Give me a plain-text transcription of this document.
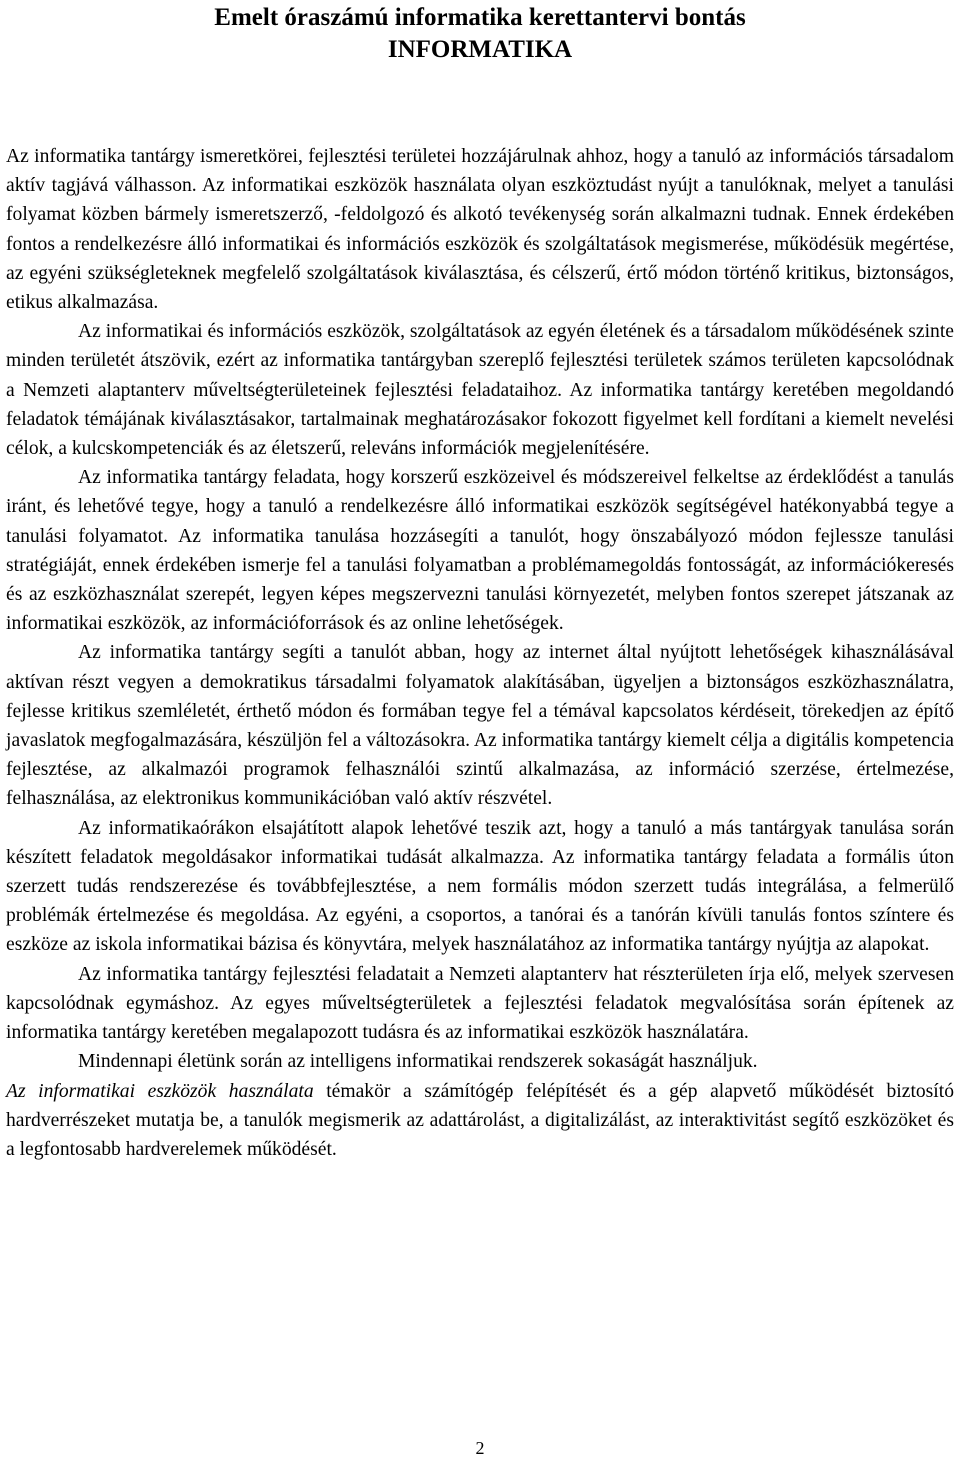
Emelt óraszámú informatika kerettantervi bontás
INFORMATIKA

Az informatika tantárgy ismeretkörei, fejlesztési területei hozzájárulnak ahhoz, hogy a tanuló az információs társadalom aktív tagjává válhasson. Az informatikai eszközök használata olyan eszköztudást nyújt a tanulóknak, melyet a tanulási folyamat közben bármely ismeretszerző, -feldolgozó és alkotó tevékenység során alkalmazni tudnak. Ennek érdekében fontos a rendelkezésre álló informatikai és információs eszközök és szolgáltatások megismerése, működésük megértése, az egyéni szükségleteknek megfelelő szolgáltatások kiválasztása, és célszerű, értő módon történő kritikus, biztonságos, etikus alkalmazása.

Az informatikai és információs eszközök, szolgáltatások az egyén életének és a társadalom működésének szinte minden területét átszövik, ezért az informatika tantárgyban szereplő fejlesztési területek számos területen kapcsolódnak a Nemzeti alaptanterv műveltségterületeinek fejlesztési feladataihoz. Az informatika tantárgy keretében megoldandó feladatok témájának kiválasztásakor, tartalmainak meghatározásakor fokozott figyelmet kell fordítani a kiemelt nevelési célok, a kulcskompetenciák és az életszerű, releváns információk megjelenítésére.

Az informatika tantárgy feladata, hogy korszerű eszközeivel és módszereivel felkeltse az érdeklődést a tanulás iránt, és lehetővé tegye, hogy a tanuló a rendelkezésre álló informatikai eszközök segítségével hatékonyabbá tegye a tanulási folyamatot. Az informatika tanulása hozzásegíti a tanulót, hogy önszabályozó módon fejlessze tanulási stratégiáját, ennek érdekében ismerje fel a tanulási folyamatban a problémamegoldás fontosságát, az információkeresés és az eszközhasználat szerepét, legyen képes megszervezni tanulási környezetét, melyben fontos szerepet játszanak az informatikai eszközök, az információforrások és az online lehetőségek.

Az informatika tantárgy segíti a tanulót abban, hogy az internet által nyújtott lehetőségek kihasználásával aktívan részt vegyen a demokratikus társadalmi folyamatok alakításában, ügyeljen a biztonságos eszközhasználatra, fejlesse kritikus szemléletét, érthető módon és formában tegye fel a témával kapcsolatos kérdéseit, törekedjen az építő javaslatok megfogalmazására, készüljön fel a változásokra. Az informatika tantárgy kiemelt célja a digitális kompetencia fejlesztése, az alkalmazói programok felhasználói szintű alkalmazása, az információ szerzése, értelmezése, felhasználása, az elektronikus kommunikációban való aktív részvétel.

Az informatikaórákon elsajátított alapok lehetővé teszik azt, hogy a tanuló a más tantárgyak tanulása során készített feladatok megoldásakor informatikai tudását alkalmazza. Az informatika tantárgy feladata a formális úton szerzett tudás rendszerezése és továbbfejlesztése, a nem formális módon szerzett tudás integrálása, a felmerülő problémák értelmezése és megoldása. Az egyéni, a csoportos, a tanórai és a tanórán kívüli tanulás fontos színtere és eszköze az iskola informatikai bázisa és könyvtára, melyek használatához az informatika tantárgy nyújtja az alapokat.

Az informatika tantárgy fejlesztési feladatait a Nemzeti alaptanterv hat részterületen írja elő, melyek szervesen kapcsolódnak egymáshoz. Az egyes műveltségterületek a fejlesztési feladatok megvalósítása során építenek az informatika tantárgy keretében megalapozott tudásra és az informatikai eszközök használatára.

Mindennapi életünk során az intelligens informatikai rendszerek sokaságát használjuk.

Az informatikai eszközök használata témakör a számítógép felépítését és a gép alapvető működését biztosító hardverrészeket mutatja be, a tanulók megismerik az adattárolást, a digitalizálást, az interaktivitást segítő eszközöket és a legfontosabb hardverelemek működését.

2
